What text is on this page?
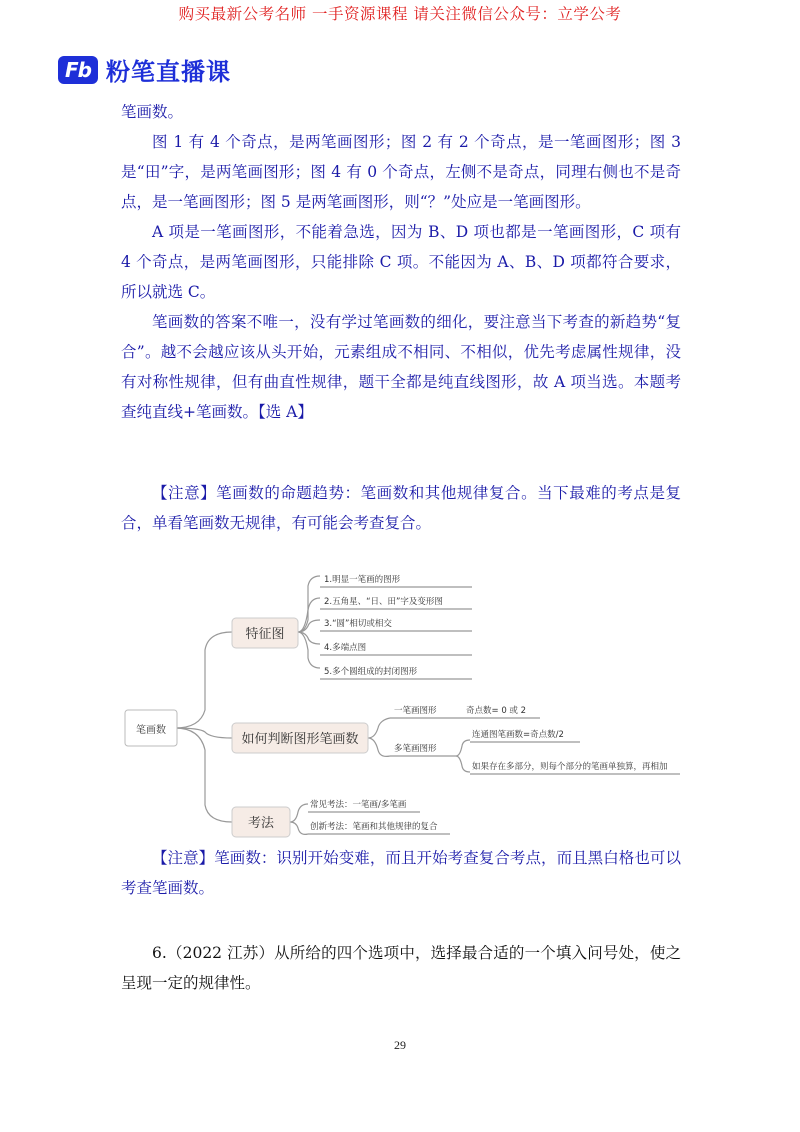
购买最新公考名师 一手资源课程 请关注微信公众号：立学公考
Fb 粉笔直播课

笔画数。

图 1 有 4 个奇点，是两笔画图形；图 2 有 2 个奇点，是一笔画图形；图 3 是“田”字，是两笔画图形；图 4 有 0 个奇点，左侧不是奇点，同理右侧也不是奇点，是一笔画图形；图 5 是两笔画图形，则“？”处应是一笔画图形。

A 项是一笔画图形，不能着急选，因为 B、D 项也都是一笔画图形，C 项有 4 个奇点，是两笔画图形，只能排除 C 项。不能因为 A、B、D 项都符合要求，所以就选 C。

笔画数的答案不唯一，没有学过笔画数的细化，要注意当下考查的新趋势“复合”。越不会越应该从头开始，元素组成不相同、不相似，优先考虑属性规律，没有对称性规律，但有曲直性规律，题干全都是纯直线图形，故 A 项当选。本题考查纯直线+笔画数。【选 A】

【注意】笔画数的命题趋势：笔画数和其他规律复合。当下最难的考点是复合，单看笔画数无规律，有可能会考查复合。

笔画数
特征图
如何判断图形笔画数
考法
1.明显一笔画的图形
2.五角星、“日、田”字及变形图
3.“圆”相切或相交
4.多端点图
5.多个圆组成的封闭图形
一笔画图形	奇点数= 0 或 2
多笔画图形
连通图笔画数=奇点数/2
如果存在多部分，则每个部分的笔画单独算，再相加
常见考法：一笔画/多笔画
创新考法：笔画和其他规律的复合

【注意】笔画数：识别开始变难，而且开始考查复合考点，而且黑白格也可以考查笔画数。

6.（2022 江苏）从所给的四个选项中，选择最合适的一个填入问号处，使之呈现一定的规律性。

29
